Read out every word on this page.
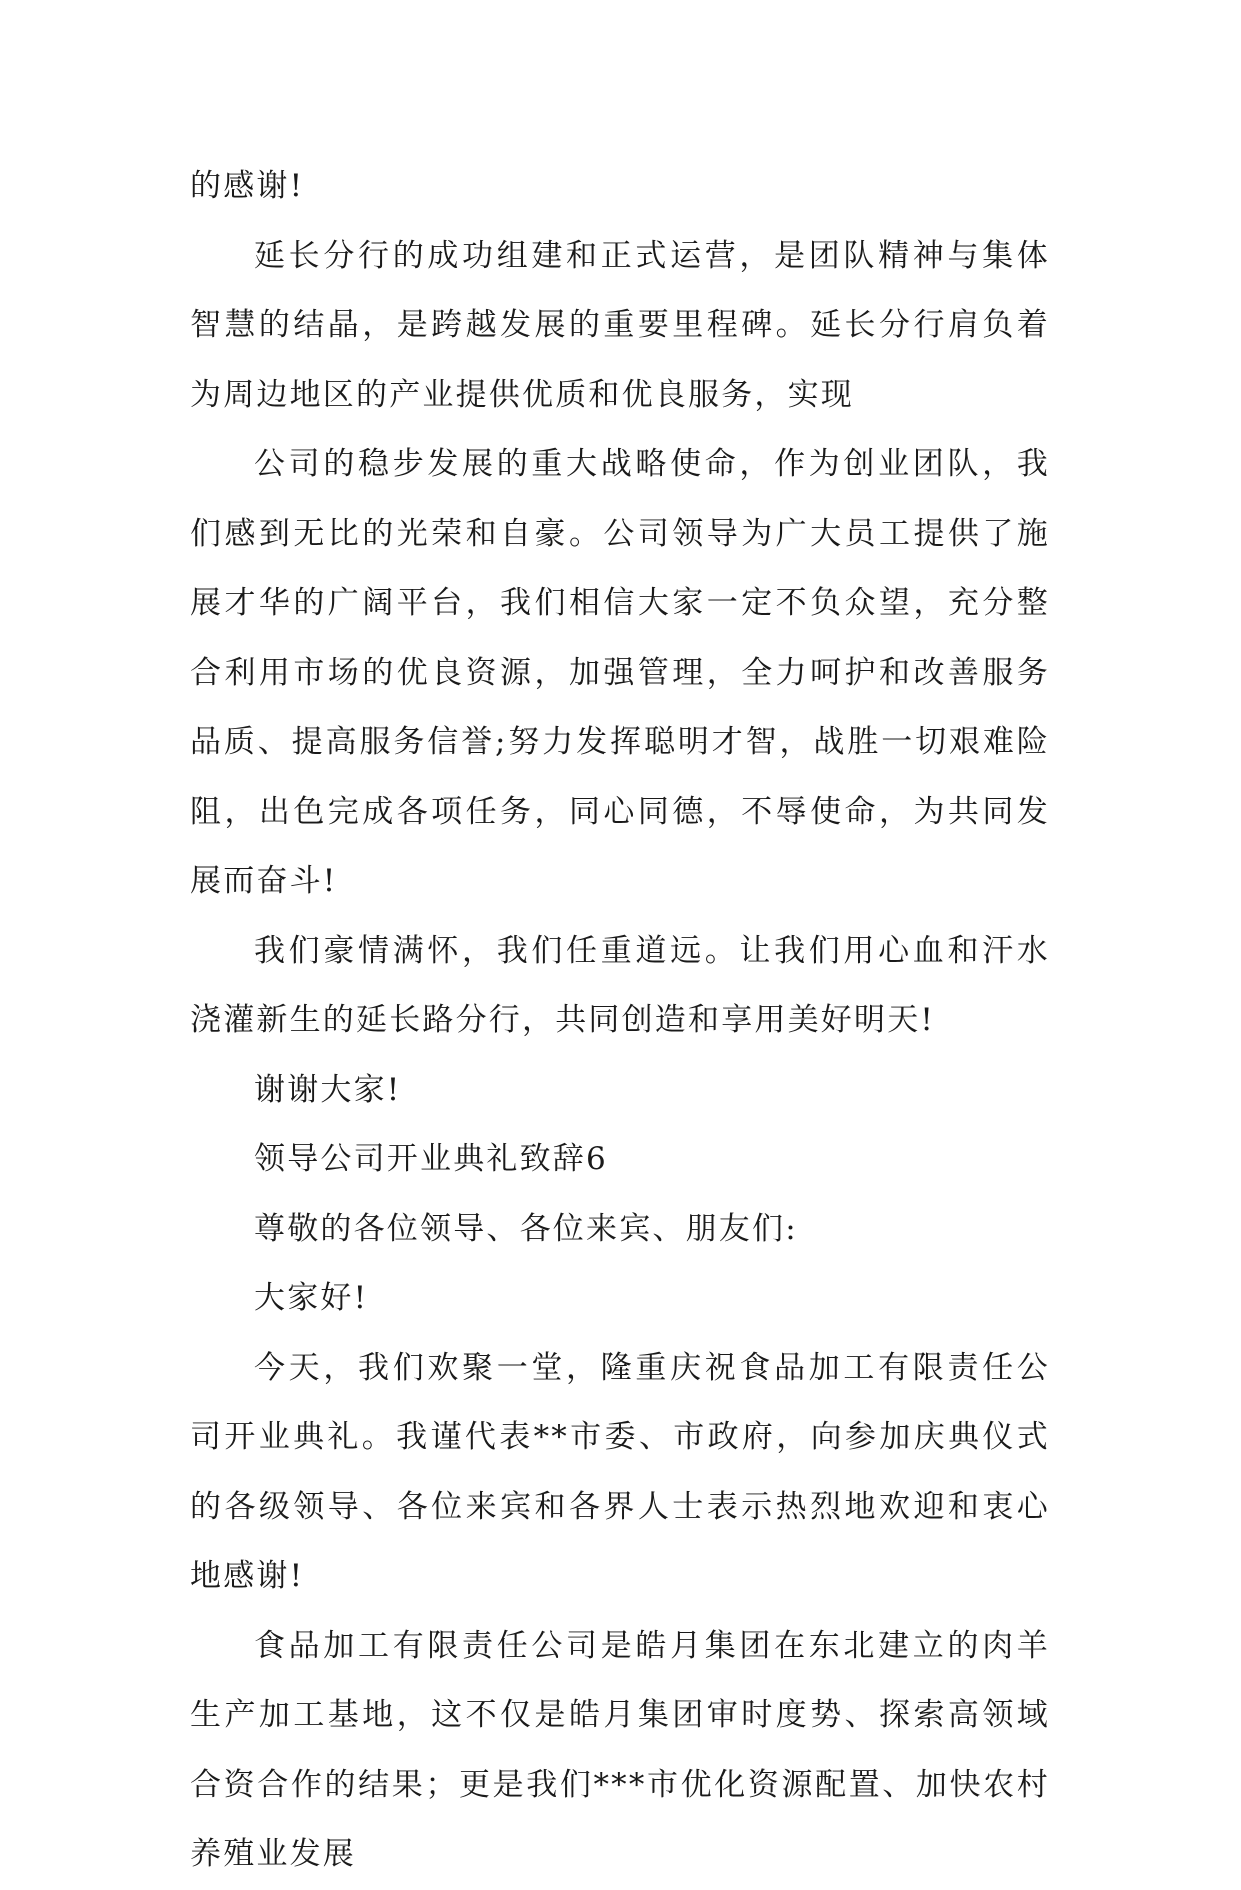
的感谢!

延长分行的成功组建和正式运营，是团队精神与集体智慧的结晶，是跨越发展的重要里程碑。延长分行肩负着为周边地区的产业提供优质和优良服务，实现

公司的稳步发展的重大战略使命，作为创业团队，我们感到无比的光荣和自豪。公司领导为广大员工提供了施展才华的广阔平台，我们相信大家一定不负众望，充分整合利用市场的优良资源，加强管理，全力呵护和改善服务品质、提高服务信誉;努力发挥聪明才智，战胜一切艰难险阻，出色完成各项任务，同心同德，不辱使命，为共同发展而奋斗!

我们豪情满怀，我们任重道远。让我们用心血和汗水浇灌新生的延长路分行，共同创造和享用美好明天!

谢谢大家!

领导公司开业典礼致辞6

尊敬的各位领导、各位来宾、朋友们:

大家好!

今天，我们欢聚一堂，隆重庆祝食品加工有限责任公司开业典礼。我谨代表**市委、市政府，向参加庆典仪式的各级领导、各位来宾和各界人士表示热烈地欢迎和衷心地感谢!

食品加工有限责任公司是皓月集团在东北建立的肉羊生产加工基地，这不仅是皓月集团审时度势、探索高领域合资合作的结果；更是我们***市优化资源配置、加快农村养殖业发展
